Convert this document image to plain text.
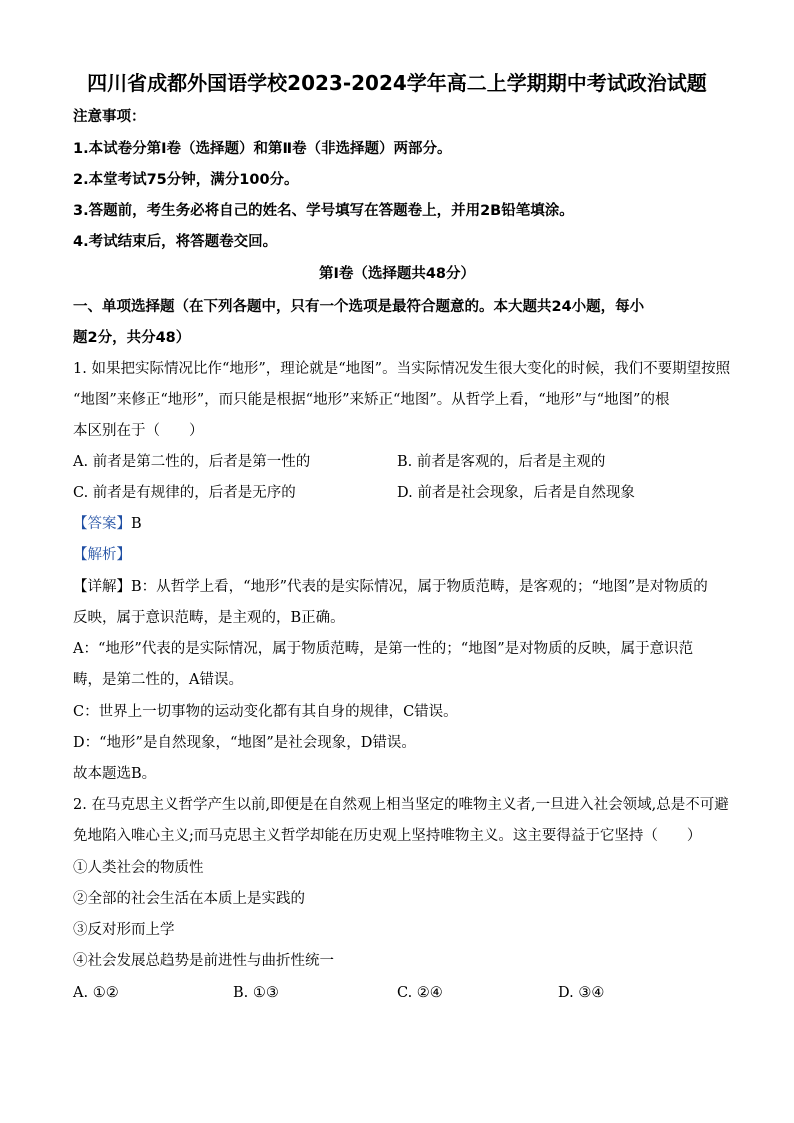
四川省成都外国语学校2023-2024学年高二上学期期中考试政治试题
注意事项：
1.本试卷分第Ⅰ卷（选择题）和第Ⅱ卷（非选择题）两部分。
2.本堂考试75分钟，满分100分。
3.答题前，考生务必将自己的姓名、学号填写在答题卷上，并用2B铅笔填涂。
4.考试结束后，将答题卷交回。
第Ⅰ卷（选择题共48分）
一、单项选择题（在下列各题中，只有一个选项是最符合题意的。本大题共24小题，每小
题2分，共分48）
1. 如果把实际情况比作“地形”，理论就是“地图”。当实际情况发生很大变化的时候，我们不要期望按照
“地图”来修正“地形”，而只能是根据“地形”来矫正“地图”。从哲学上看，“地形”与“地图”的根
本区别在于（　　）
A. 前者是第二性的，后者是第一性的	B. 前者是客观的，后者是主观的
C. 前者是有规律的，后者是无序的	D. 前者是社会现象，后者是自然现象
【答案】B
【解析】
【详解】B：从哲学上看，“地形”代表的是实际情况，属于物质范畴，是客观的；“地图”是对物质的
反映，属于意识范畴，是主观的，B正确。
A：“地形”代表的是实际情况，属于物质范畴，是第一性的；“地图”是对物质的反映，属于意识范
畴，是第二性的，A错误。
C：世界上一切事物的运动变化都有其自身的规律，C错误。
D：“地形”是自然现象，“地图”是社会现象，D错误。
故本题选B。
2. 在马克思主义哲学产生以前,即便是在自然观上相当坚定的唯物主义者,一旦进入社会领域,总是不可避
免地陷入唯心主义;而马克思主义哲学却能在历史观上坚持唯物主义。这主要得益于它坚持（　　）
①人类社会的物质性
②全部的社会生活在本质上是实践的
③反对形而上学
④社会发展总趋势是前进性与曲折性统一
A. ①②	B. ①③	C. ②④	D. ③④
